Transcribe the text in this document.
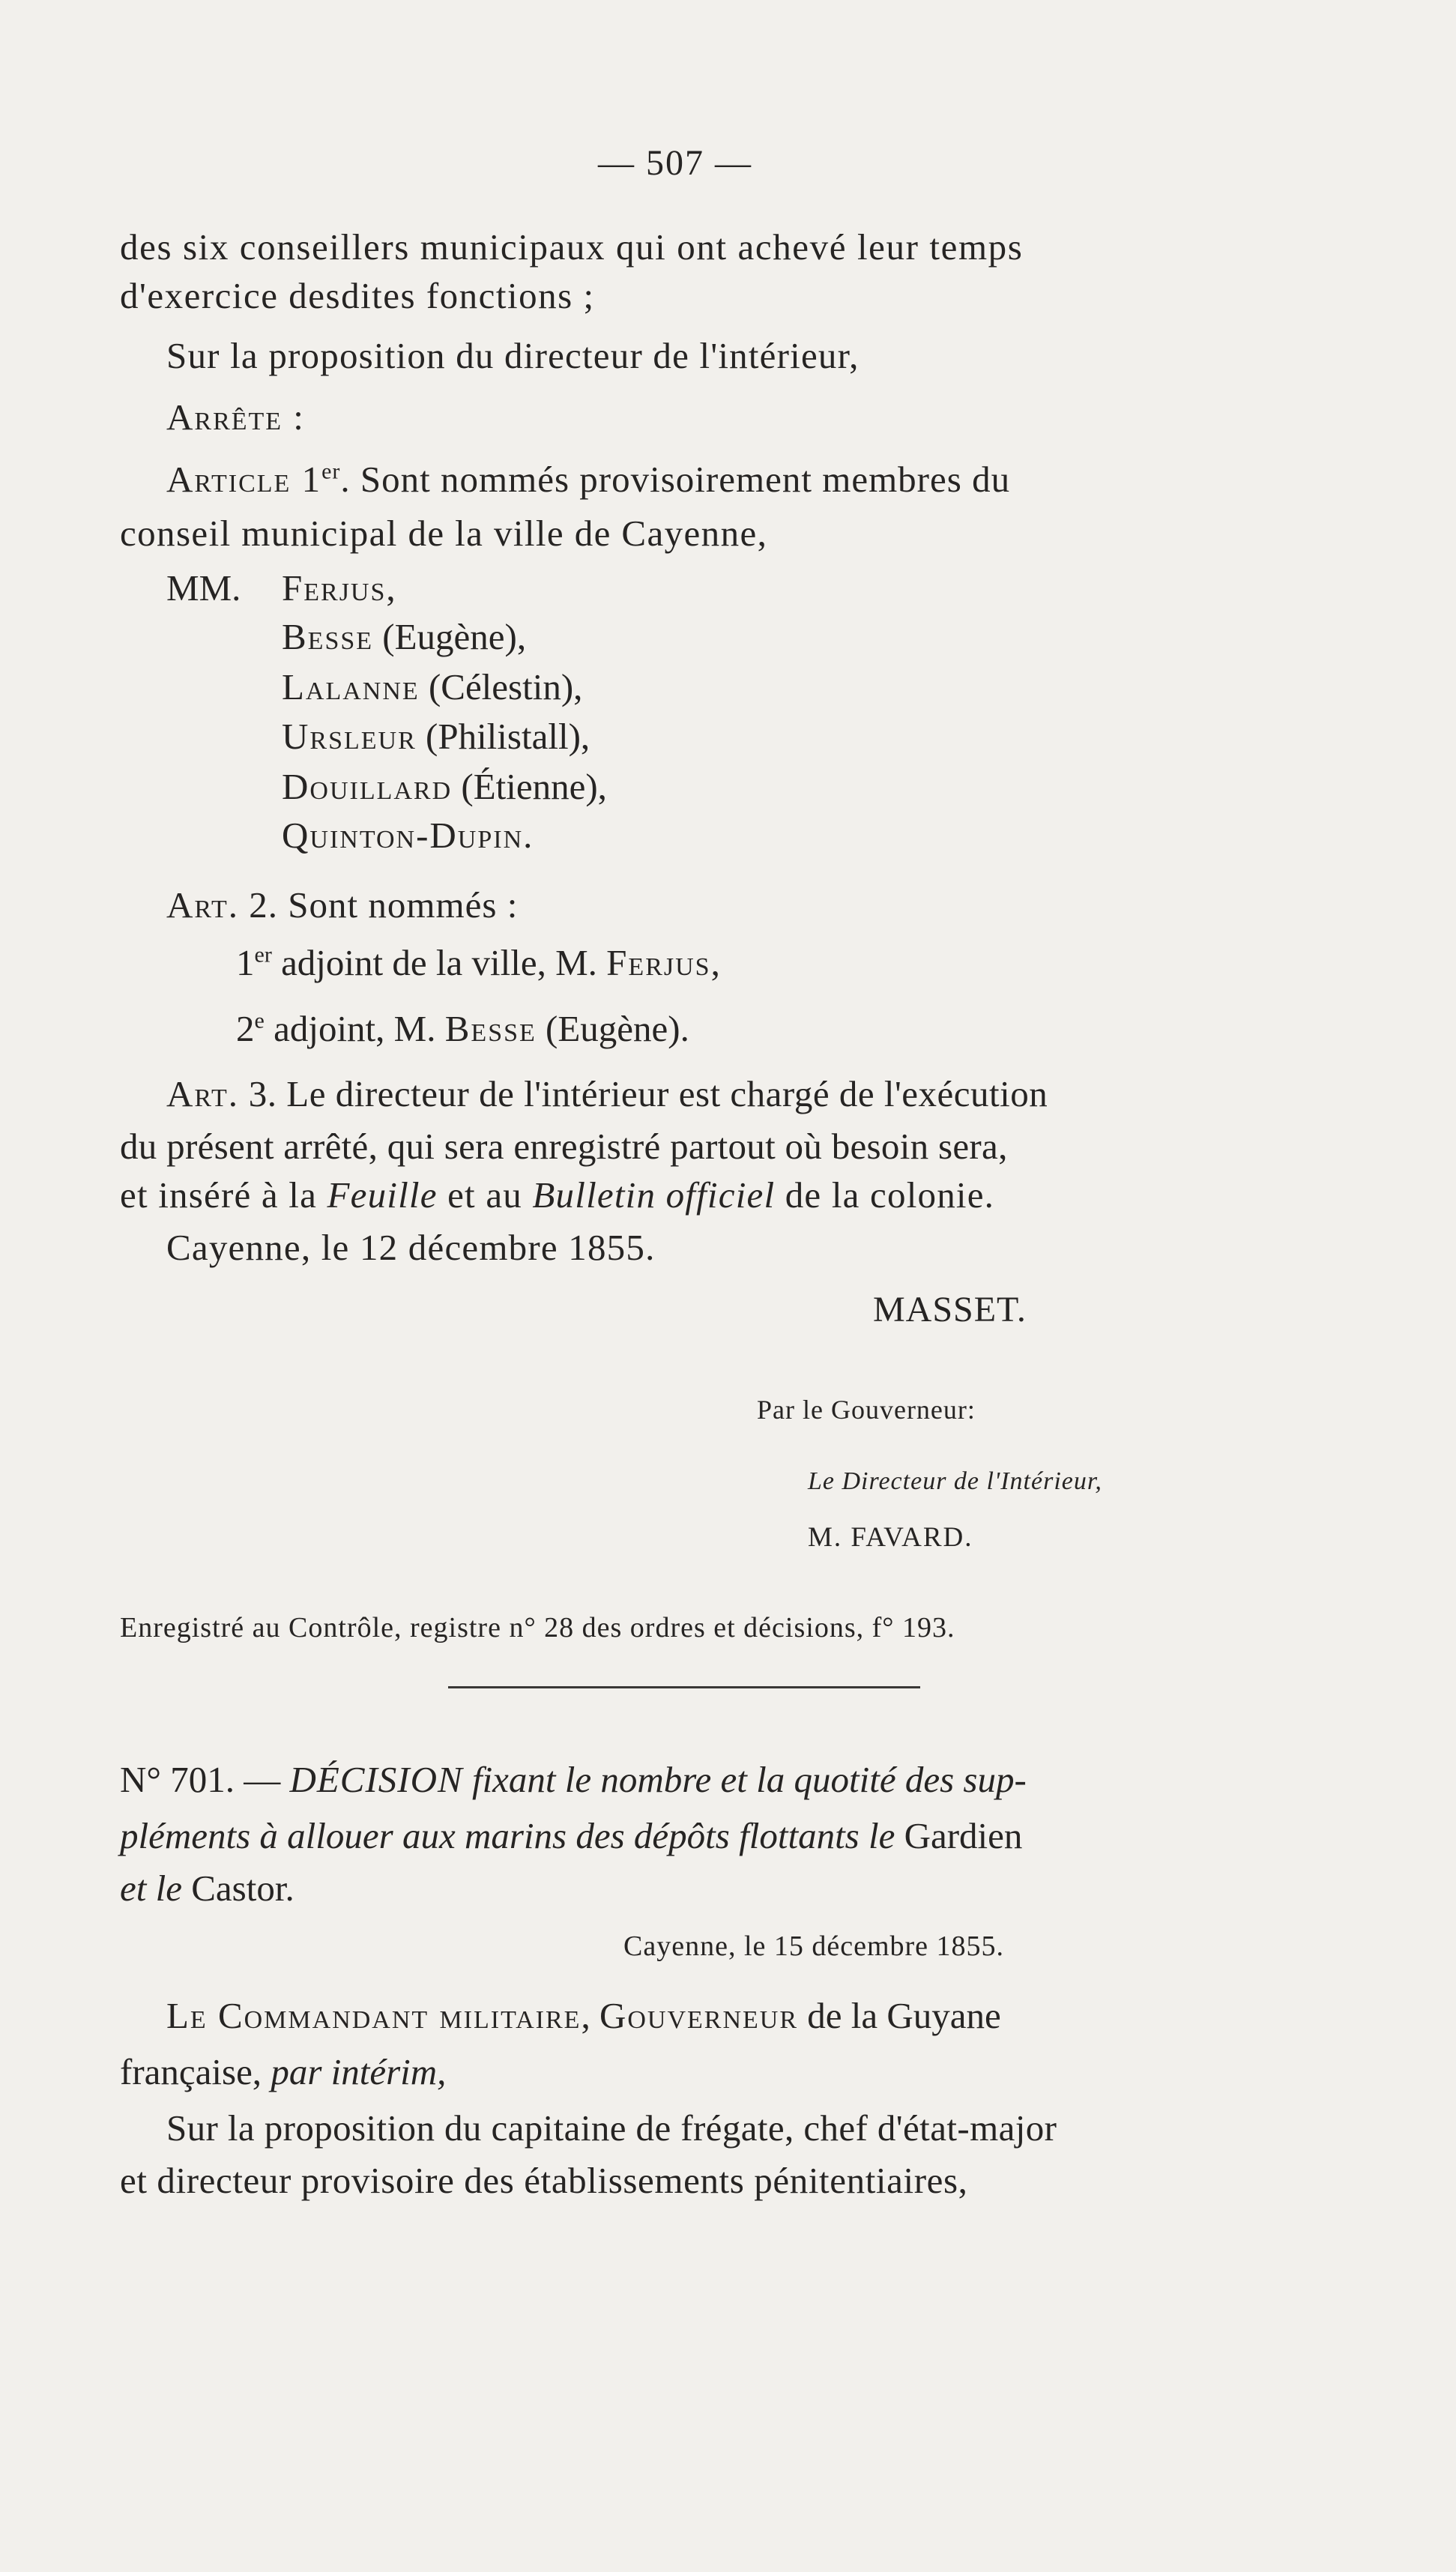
— 507 —
des six conseillers municipaux qui ont achevé leur temps
d'exercice desdites fonctions ;
Sur la proposition du directeur de l'intérieur,
Arrête :
Article 1er. Sont nommés provisoirement membres du
conseil municipal de la ville de Cayenne,
MM. Ferjus,
Besse (Eugène),
Lalanne (Célestin),
Ursleur (Philistall),
Douillard (Étienne),
Quinton-Dupin.
Art. 2. Sont nommés :
1er adjoint de la ville, M. Ferjus,
2e adjoint, M. Besse (Eugène).
Art. 3. Le directeur de l'intérieur est chargé de l'exécution
du présent arrêté, qui sera enregistré partout où besoin sera,
et inséré à la Feuille et au Bulletin officiel de la colonie.
Cayenne, le 12 décembre 1855.
MASSET.
Par le Gouverneur:
Le Directeur de l'Intérieur,
M. FAVARD.
Enregistré au Contrôle, registre n° 28 des ordres et décisions, f° 193.
N° 701. — DÉCISION fixant le nombre et la quotité des sup-
pléments à allouer aux marins des dépôts flottants le Gardien
et le Castor.
Cayenne, le 15 décembre 1855.
Le Commandant militaire, Gouverneur de la Guyane
française, par intérim,
Sur la proposition du capitaine de frégate, chef d'état-major
et directeur provisoire des établissements pénitentiaires,
